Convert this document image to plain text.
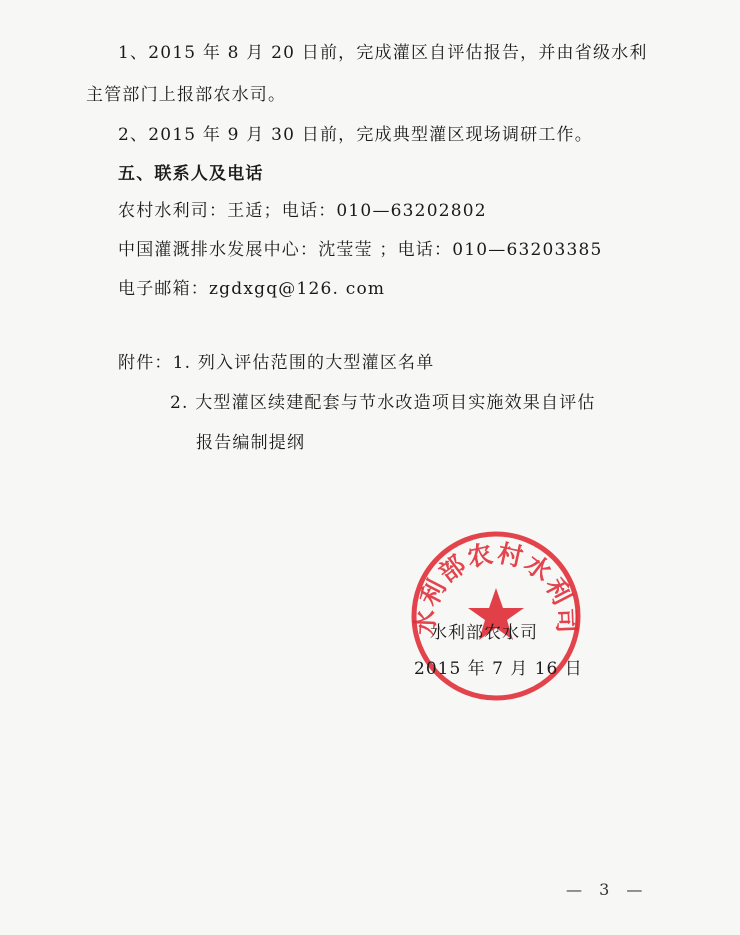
1、2015 年 8 月 20 日前，完成灌区自评估报告，并由省级水利
主管部门上报部农水司。
2、2015 年 9 月 30 日前，完成典型灌区现场调研工作。
五、联系人及电话
农村水利司：王适；电话：010—63202802
中国灌溉排水发展中心：沈莹莹 ；电话：010—63203385
电子邮箱：zgdxgq@126. com
附件：1. 列入评估范围的大型灌区名单
2. 大型灌区续建配套与节水改造项目实施效果自评估
报告编制提纲
水利部农村水利司
水利部农水司
2015 年 7 月 16 日
— 3 —
